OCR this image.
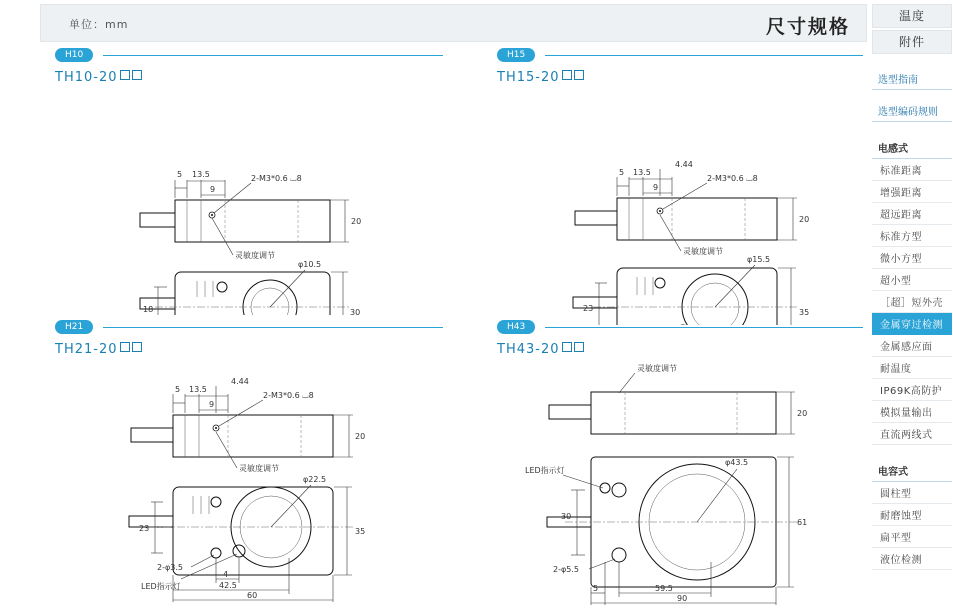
单位：mm	尺寸规格	温度
附件
选型指南
选型编码规则
电感式
标准距离
增强距离
超远距离
标准方型
微小方型
超小型
［超］短外壳
金属穿过检测
金属感应面
耐温度
IP69K高防护
模拟量输出
直流两线式
电容式
圆柱型
耐磨蚀型
扁平型
液位检测
H10
TH10-20
5 13.5
9
2-M3*0.6 ⌴8
20
灵敏度调节
φ10.5
18	30
H15
TH15-20
5 13.5
9
4.44
2-M3*0.6 ⌴8
20
灵敏度调节
φ15.5
23	35
H21
TH21-20
5 13.5
9
4.44
2-M3*0.6 ⌴8
20
灵敏度调节
φ22.5
23	35
2-φ3.5
LED指示灯
4
42.5
60
H43
TH43-20
灵敏度调节
20
φ43.5
LED指示灯
30
61
2-φ5.5
5	59.5
90
